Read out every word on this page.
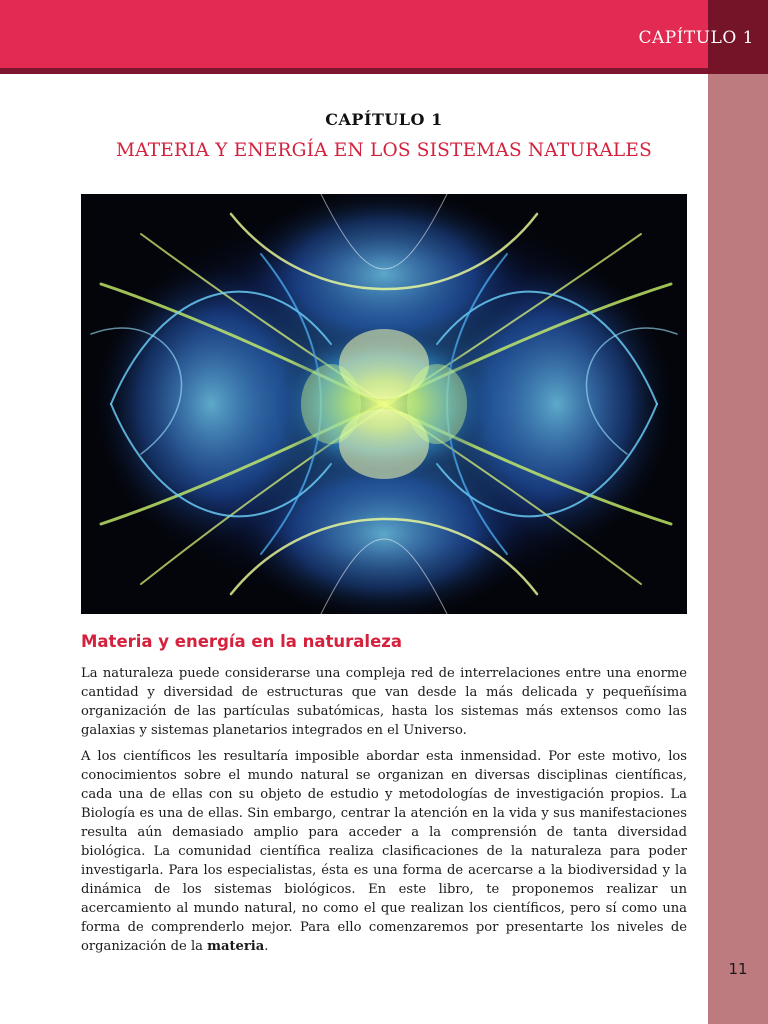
CAPÍTULO 1
11
CAPÍTULO 1
MATERIA Y ENERGÍA EN LOS SISTEMAS NATURALES
Materia y energía en la naturaleza

La naturaleza puede considerarse una compleja red de interrelaciones entre una enorme cantidad y diversidad de estructuras que van desde la más delicada y pequeñísima organización de las partículas subatómicas, hasta los sistemas más extensos como las galaxias y sistemas planetarios integrados en el Universo.

A los científicos les resultaría imposible abordar esta inmensidad. Por este motivo, los conocimientos sobre el mundo natural se organizan en diversas disciplinas científicas, cada una de ellas con su objeto de estudio y metodologías de investigación propios. La Biología es una de ellas. Sin embargo, centrar la atención en la vida y sus manifestaciones resulta aún demasiado amplio para acceder a la comprensión de tanta diversidad biológica. La comunidad científica realiza clasificaciones de la naturaleza para poder investigarla. Para los especialistas, ésta es una forma de acercarse a la biodiversidad y la dinámica de los sistemas biológicos. En este libro, te proponemos realizar un acercamiento al mundo natural, no como el que realizan los científicos, pero sí como una forma de comprenderlo mejor. Para ello comenzaremos por presentarte los niveles de organización de la materia.
